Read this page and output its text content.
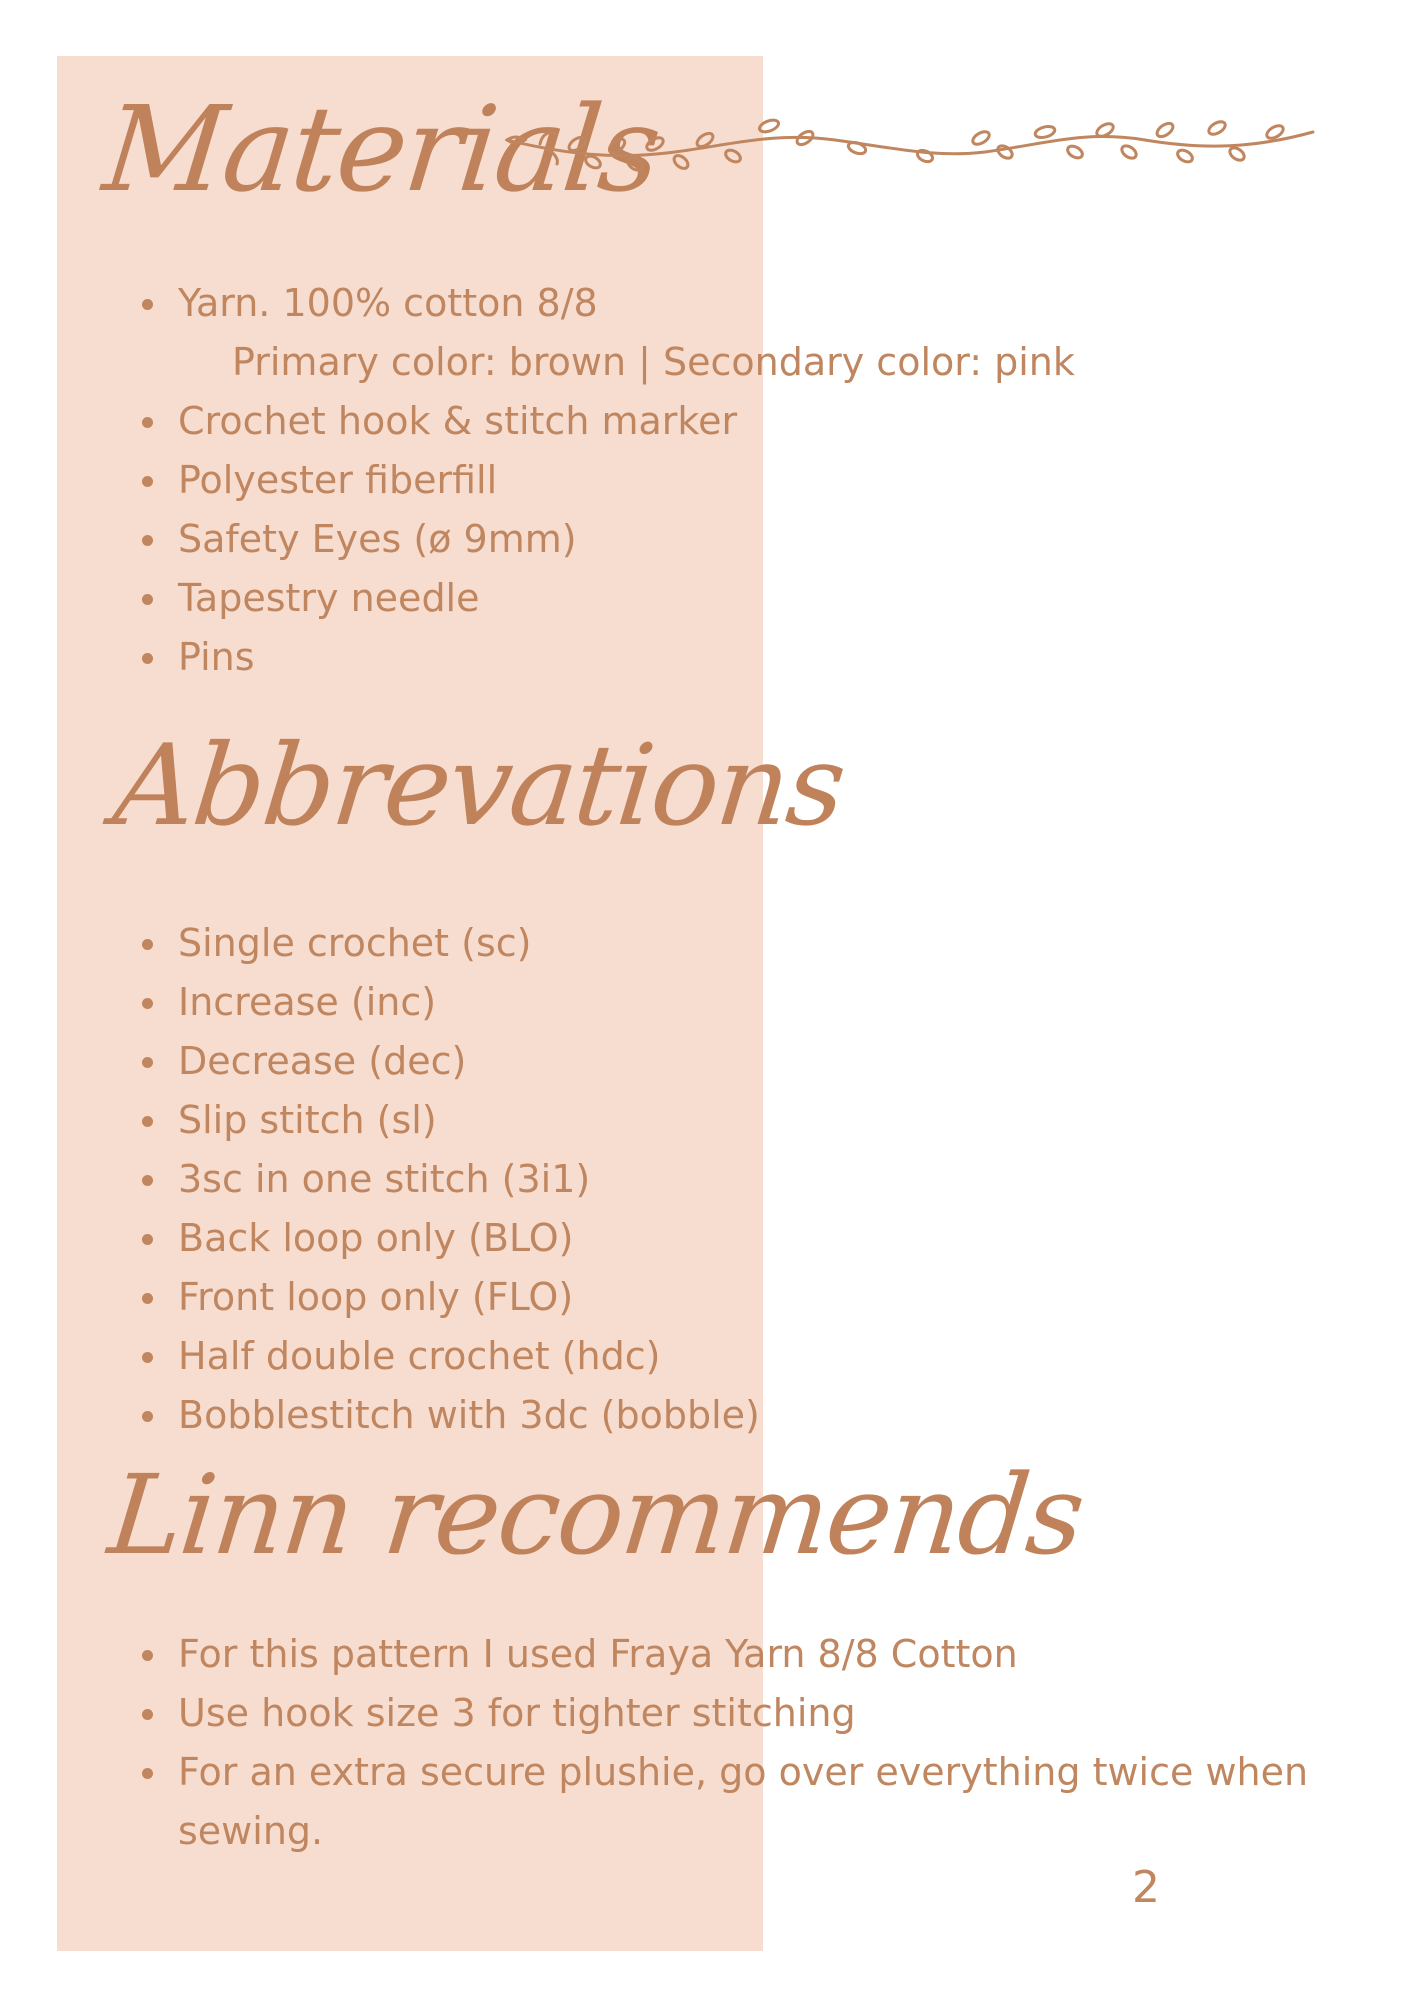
Materials
Yarn. 100% cotton 8/8
Primary color: brown | Secondary color: pink
Crochet hook & stitch marker
Polyester fiberfill
Safety Eyes (ø 9mm)
Tapestry needle
Pins
Abbrevations
Single crochet (sc)
Increase (inc)
Decrease (dec)
Slip stitch (sl)
3sc in one stitch (3i1)
Back loop only (BLO)
Front loop only (FLO)
Half double crochet (hdc)
Bobblestitch with 3dc (bobble)
Linn recommends
For this pattern I used Fraya Yarn 8/8 Cotton
Use hook size 3 for tighter stitching
For an extra secure plushie, go over everything twice when sewing.
2
